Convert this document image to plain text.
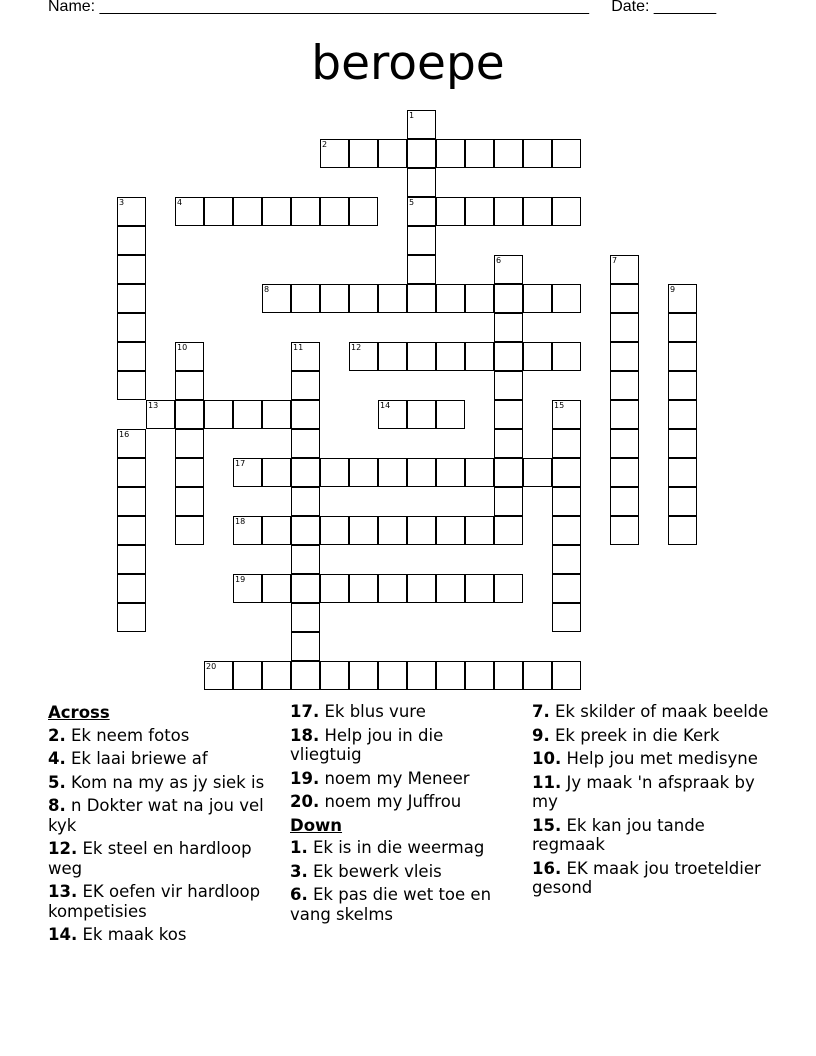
Name: _______________________________________________________     Date: _______
beroepe
1
2
3	4	5
6	7
8	9
10	11	12
13	14	15
16
17
18
19
20
Across
2. Ek neem fotos
4. Ek laai briewe af
5. Kom na my as jy siek is
8. n Dokter wat na jou vel kyk
12. Ek steel en hardloop weg
13. EK oefen vir hardloop kompetisies
14. Ek maak kos
17. Ek blus vure
18. Help jou in die vliegtuig
19. noem my Meneer
20. noem my Juffrou
Down
1. Ek is in die weermag
3. Ek bewerk vleis
6. Ek pas die wet toe en vang skelms
7. Ek skilder of maak beelde
9. Ek preek in die Kerk
10. Help jou met medisyne
11. Jy maak 'n afspraak by my
15. Ek kan jou tande regmaak
16. EK maak jou troeteldier gesond
